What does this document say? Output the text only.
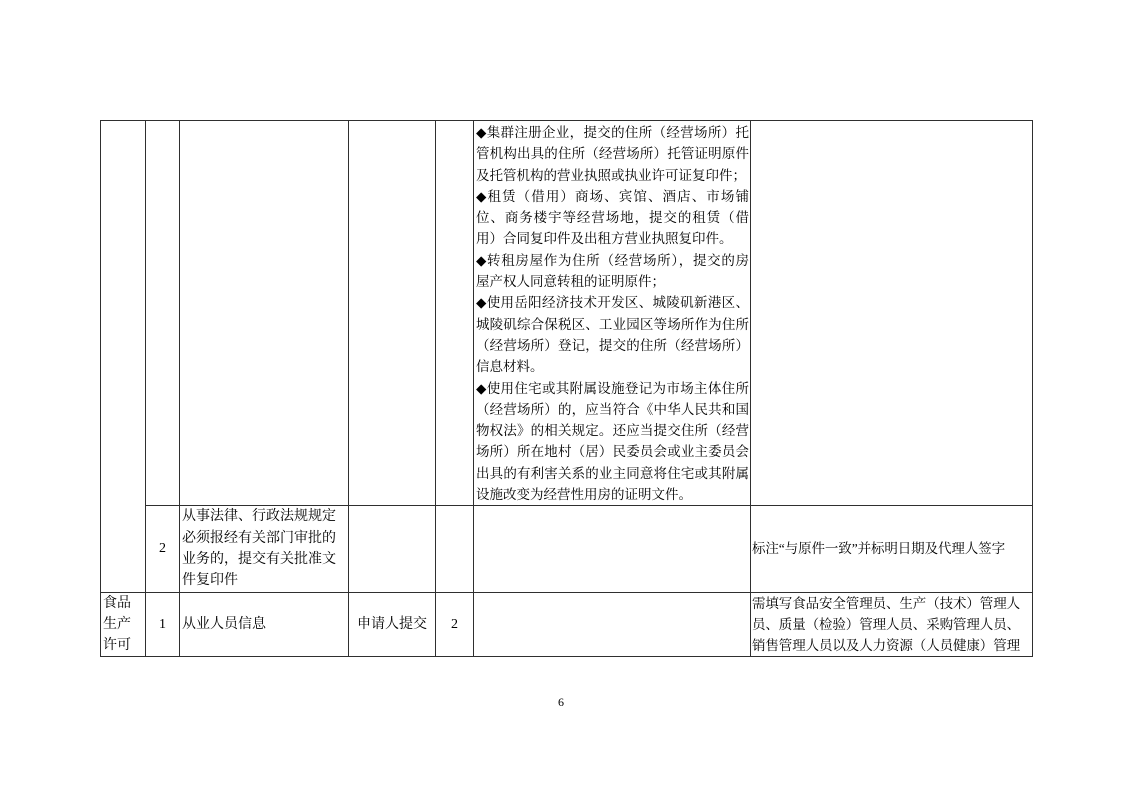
					◆集群注册企业，提交的住所（经营场所）托管机构出具的住所（经营场所）托管证明原件及托管机构的营业执照或执业许可证复印件；
◆租赁（借用）商场、宾馆、酒店、市场铺位、商务楼宇等经营场地，提交的租赁（借用）合同复印件及出租方营业执照复印件。
◆转租房屋作为住所（经营场所），提交的房屋产权人同意转租的证明原件；
◆使用岳阳经济技术开发区、城陵矶新港区、城陵矶综合保税区、工业园区等场所作为住所（经营场所）登记，提交的住所（经营场所）信息材料。
◆使用住宅或其附属设施登记为市场主体住所（经营场所）的，应当符合《中华人民共和国物权法》的相关规定。还应当提交住所（经营场所）所在地村（居）民委员会或业主委员会出具的有利害关系的业主同意将住宅或其附属设施改变为经营性用房的证明文件。	

	2	从事法律、行政法规规定必须报经有关部门审批的业务的，提交有关批准文件复印件				标注“与原件一致”并标明日期及代理人签字
食品生产许可	1	从业人员信息	申请人提交	2		需填写食品安全管理员、生产（技术）管理人员、质量（检验）管理人员、采购管理人员、销售管理人员以及人力资源（人员健康）管理
6
